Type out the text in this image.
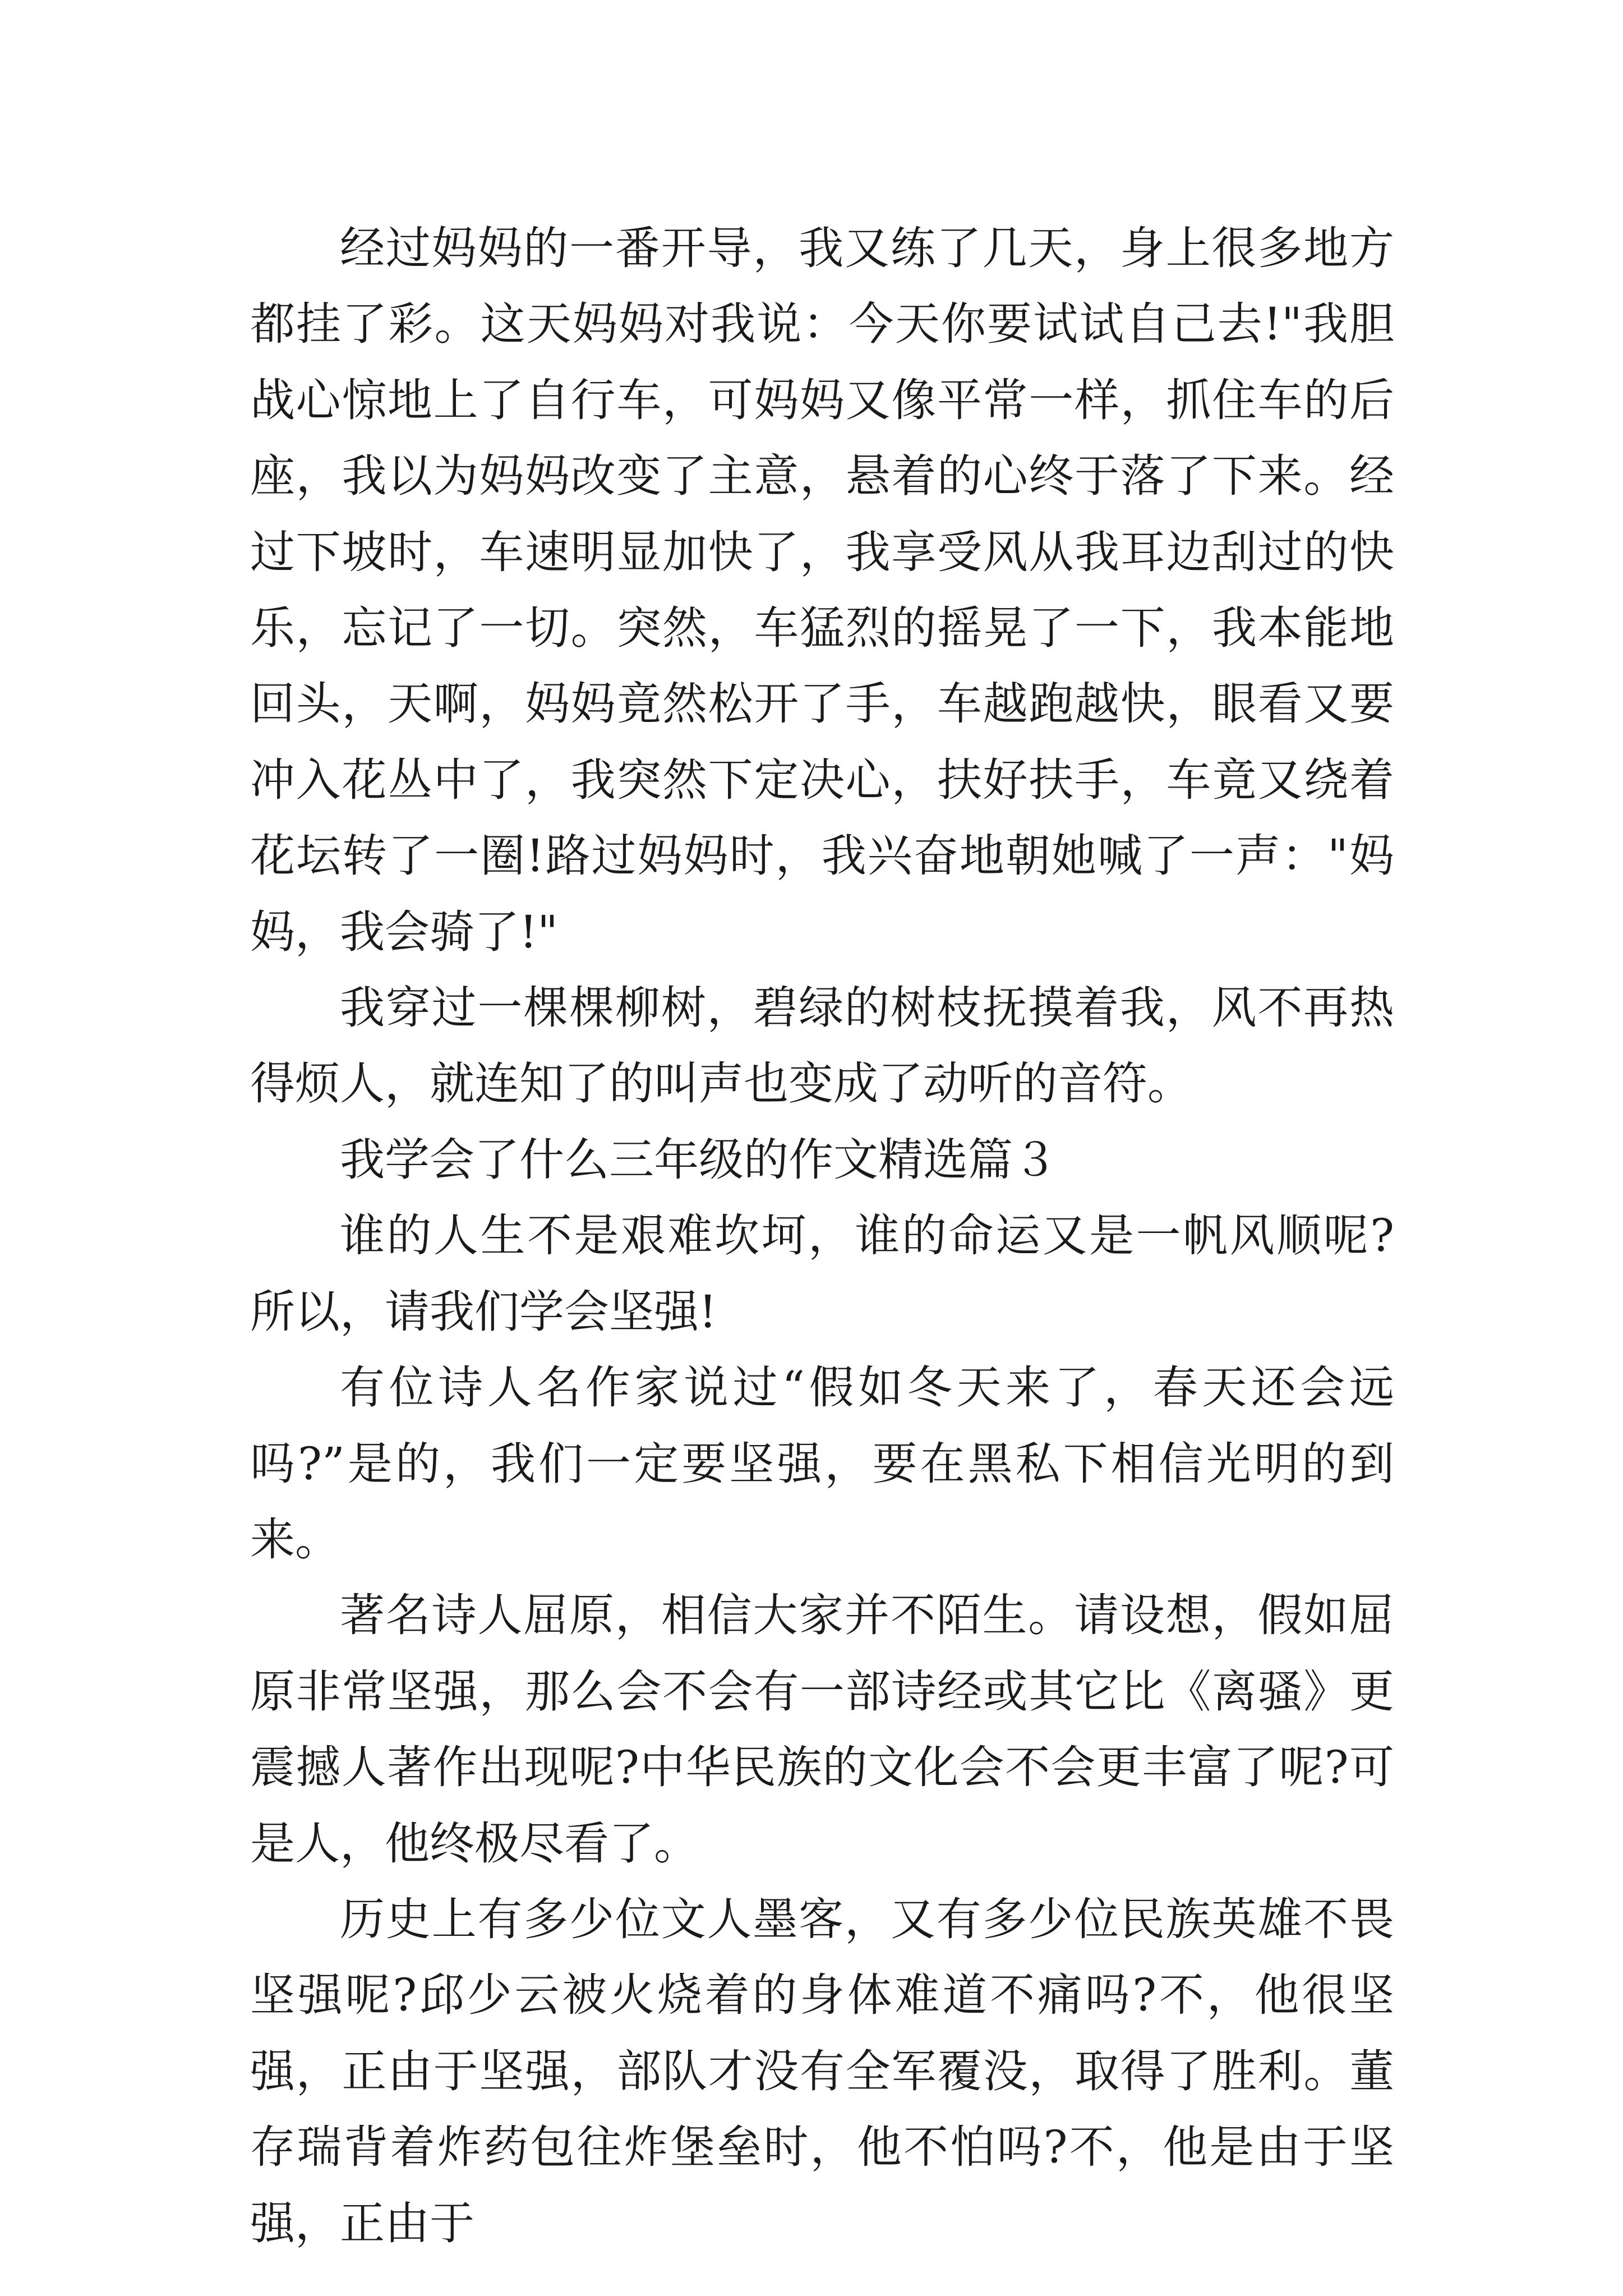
经过妈妈的一番开导，我又练了几天，身上很多地方都挂了彩。这天妈妈对我说：今天你要试试自己去!"我胆战心惊地上了自行车，可妈妈又像平常一样，抓住车的后座，我以为妈妈改变了主意，悬着的心终于落了下来。经过下坡时，车速明显加快了，我享受风从我耳边刮过的快乐，忘记了一切。突然，车猛烈的摇晃了一下，我本能地回头，天啊，妈妈竟然松开了手，车越跑越快，眼看又要冲入花丛中了，我突然下定决心，扶好扶手，车竟又绕着花坛转了一圈!路过妈妈时，我兴奋地朝她喊了一声："妈妈，我会骑了!"

我穿过一棵棵柳树，碧绿的树枝抚摸着我，风不再热得烦人，就连知了的叫声也变成了动听的音符。

我学会了什么三年级的作文精选篇３

谁的人生不是艰难坎坷，谁的命运又是一帆风顺呢?所以，请我们学会坚强!

有位诗人名作家说过“假如冬天来了，春天还会远吗?”是的，我们一定要坚强，要在黑私下相信光明的到来。

著名诗人屈原，相信大家并不陌生。请设想，假如屈原非常坚强，那么会不会有一部诗经或其它比《离骚》更震撼人著作出现呢?中华民族的文化会不会更丰富了呢?可是人，他终极尽看了。

历史上有多少位文人墨客，又有多少位民族英雄不畏坚强呢?邱少云被火烧着的身体难道不痛吗?不，他很坚强，正由于坚强，部队才没有全军覆没，取得了胜利。董存瑞背着炸药包往炸堡垒时，他不怕吗?不，他是由于坚强，正由于
